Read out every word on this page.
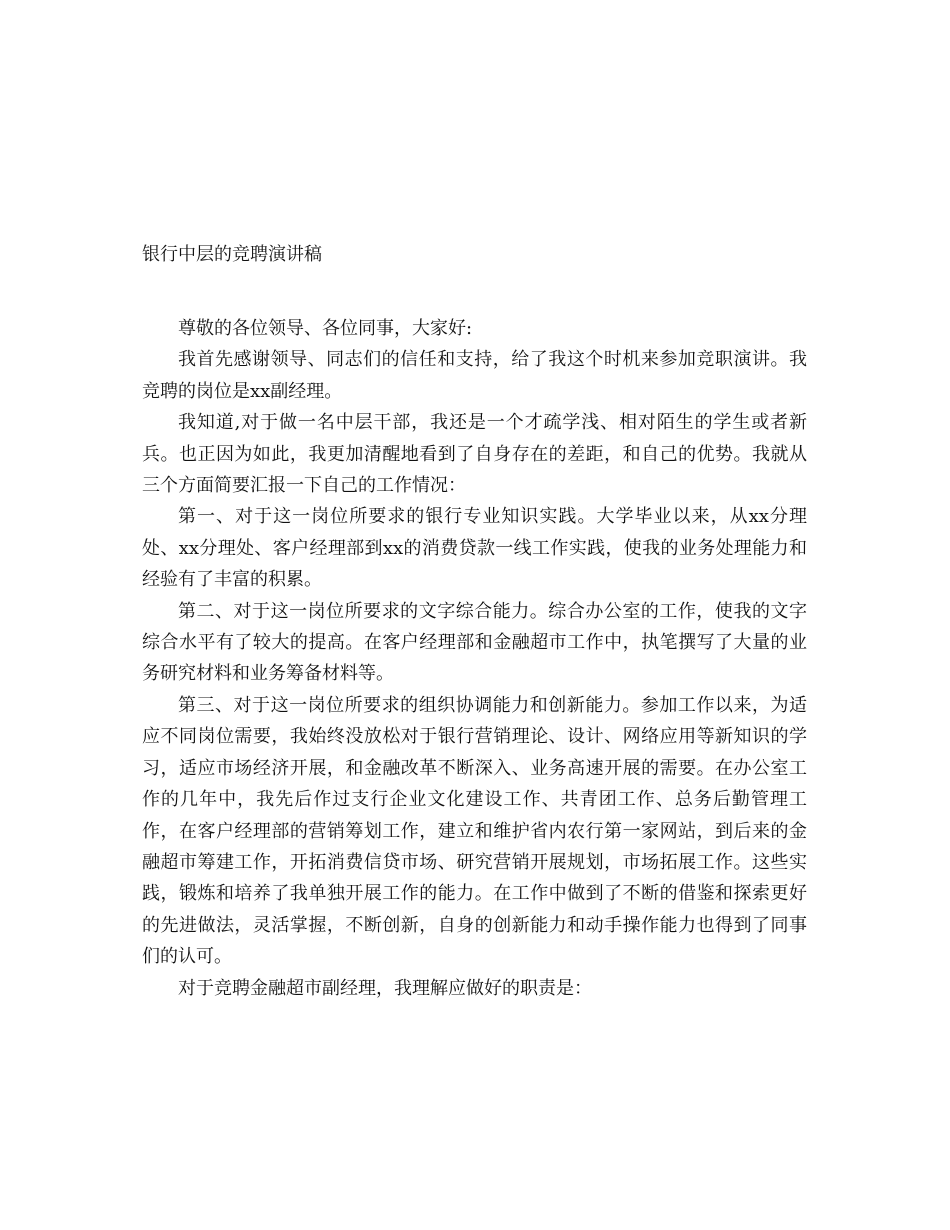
银行中层的竞聘演讲稿

尊敬的各位领导、各位同事，大家好:

我首先感谢领导、同志们的信任和支持，给了我这个时机来参加竞职演讲。我竞聘的岗位是xx副经理。

我知道,对于做一名中层干部，我还是一个才疏学浅、相对陌生的学生或者新兵。也正因为如此，我更加清醒地看到了自身存在的差距，和自己的优势。我就从三个方面简要汇报一下自己的工作情况：

第一、对于这一岗位所要求的银行专业知识实践。大学毕业以来，从xx分理处、xx分理处、客户经理部到xx的消费贷款一线工作实践，使我的业务处理能力和经验有了丰富的积累。

第二、对于这一岗位所要求的文字综合能力。综合办公室的工作，使我的文字综合水平有了较大的提高。在客户经理部和金融超市工作中，执笔撰写了大量的业务研究材料和业务筹备材料等。

第三、对于这一岗位所要求的组织协调能力和创新能力。参加工作以来，为适应不同岗位需要，我始终没放松对于银行营销理论、设计、网络应用等新知识的学习，适应市场经济开展，和金融改革不断深入、业务高速开展的需要。在办公室工作的几年中，我先后作过支行企业文化建设工作、共青团工作、总务后勤管理工作，在客户经理部的营销筹划工作，建立和维护省内农行第一家网站，到后来的金融超市筹建工作，开拓消费信贷市场、研究营销开展规划，市场拓展工作。这些实践，锻炼和培养了我单独开展工作的能力。在工作中做到了不断的借鉴和探索更好的先进做法，灵活掌握，不断创新，自身的创新能力和动手操作能力也得到了同事们的认可。

对于竞聘金融超市副经理，我理解应做好的职责是：
